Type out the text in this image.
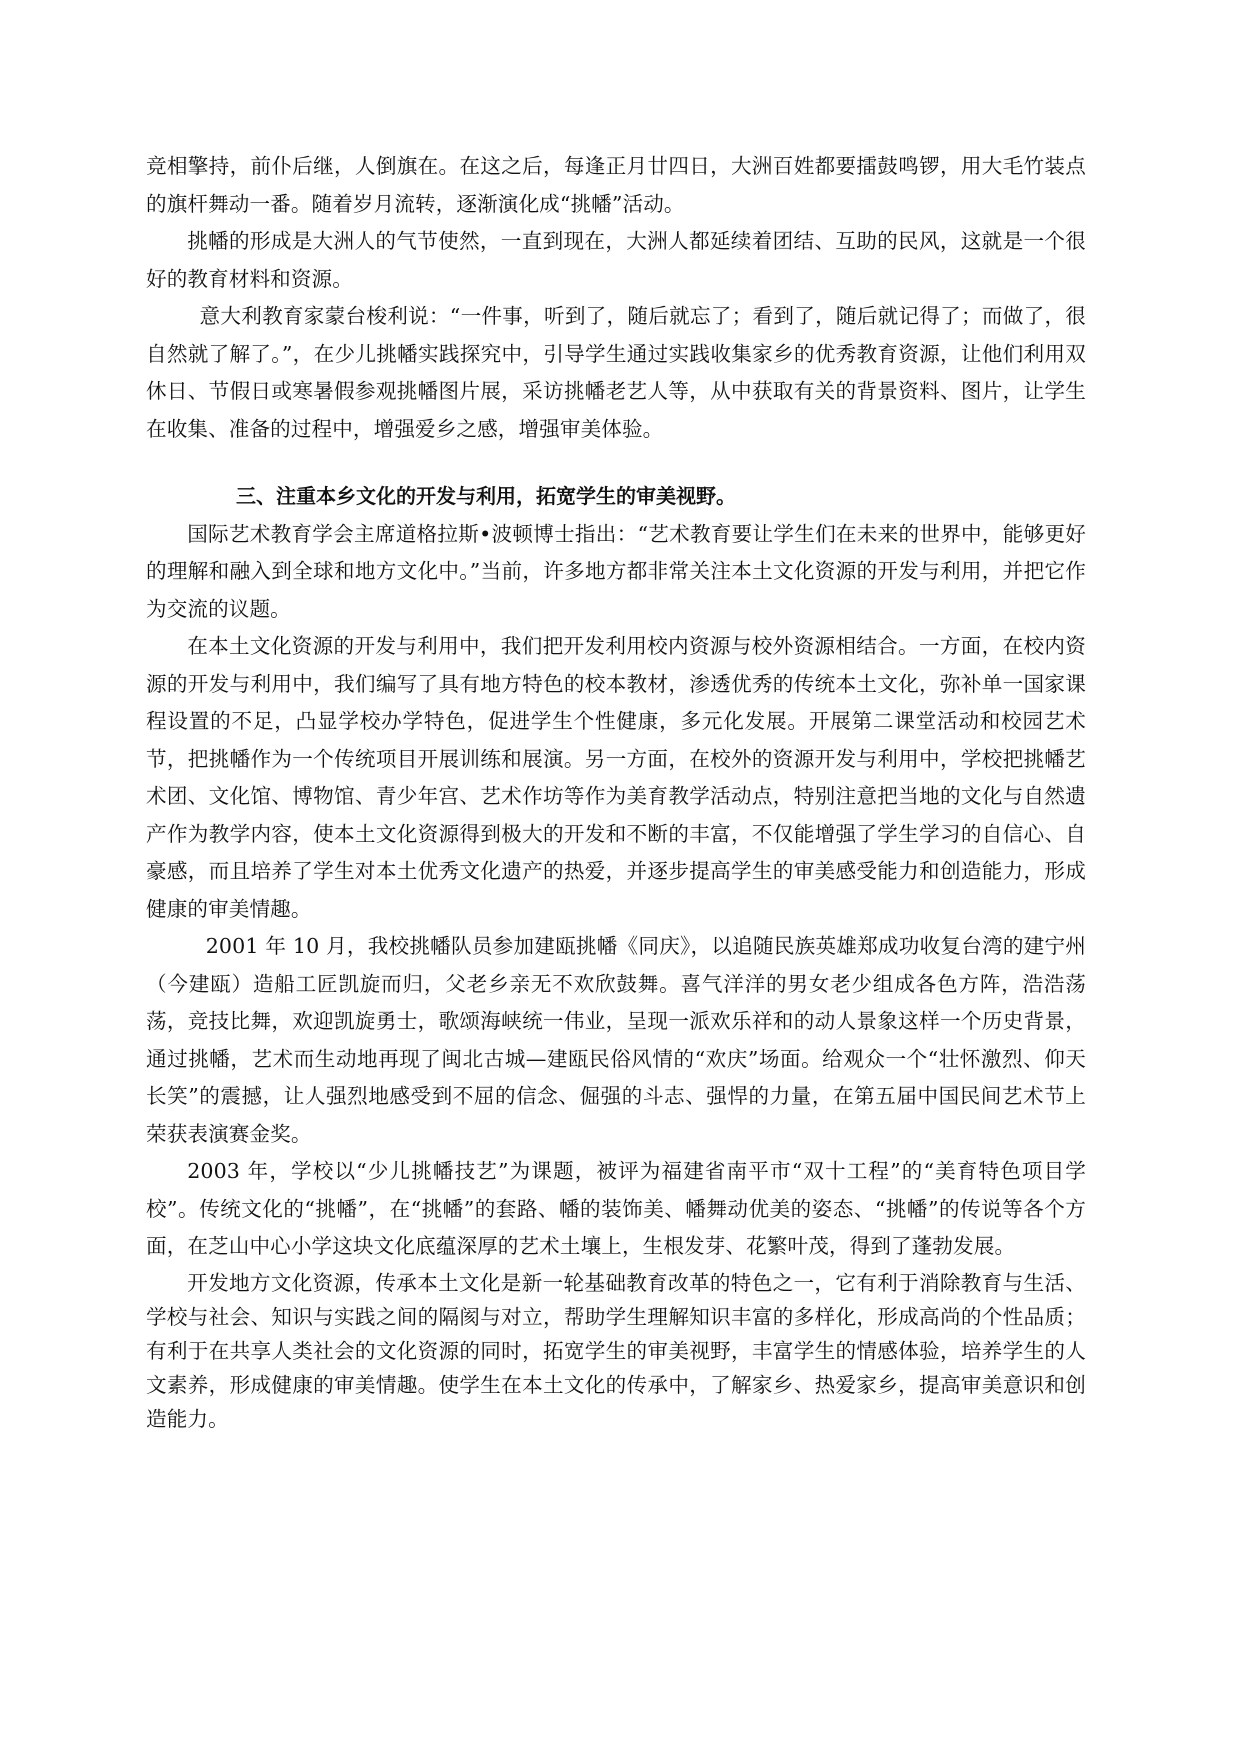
竞相擎持，前仆后继，人倒旗在。在这之后，每逢正月廿四日，大洲百姓都要擂鼓鸣锣，用大毛竹装点的旗杆舞动一番。随着岁月流转，逐渐演化成“挑幡”活动。

挑幡的形成是大洲人的气节使然，一直到现在，大洲人都延续着团结、互助的民风，这就是一个很好的教育材料和资源。

意大利教育家蒙台梭利说：“一件事，听到了，随后就忘了；看到了，随后就记得了；而做了，很自然就了解了。”，在少儿挑幡实践探究中，引导学生通过实践收集家乡的优秀教育资源，让他们利用双休日、节假日或寒暑假参观挑幡图片展，采访挑幡老艺人等，从中获取有关的背景资料、图片，让学生在收集、准备的过程中，增强爱乡之感，增强审美体验。

三、注重本乡文化的开发与利用，拓宽学生的审美视野。

国际艺术教育学会主席道格拉斯•波顿博士指出：“艺术教育要让学生们在未来的世界中，能够更好的理解和融入到全球和地方文化中。”当前，许多地方都非常关注本土文化资源的开发与利用，并把它作为交流的议题。

在本土文化资源的开发与利用中，我们把开发利用校内资源与校外资源相结合。一方面，在校内资源的开发与利用中，我们编写了具有地方特色的校本教材，渗透优秀的传统本土文化，弥补单一国家课程设置的不足，凸显学校办学特色，促进学生个性健康，多元化发展。开展第二课堂活动和校园艺术节，把挑幡作为一个传统项目开展训练和展演。另一方面，在校外的资源开发与利用中，学校把挑幡艺术团、文化馆、博物馆、青少年宫、艺术作坊等作为美育教学活动点，特别注意把当地的文化与自然遗产作为教学内容，使本土文化资源得到极大的开发和不断的丰富，不仅能增强了学生学习的自信心、自豪感，而且培养了学生对本土优秀文化遗产的热爱，并逐步提高学生的审美感受能力和创造能力，形成健康的审美情趣。

2001 年 10 月，我校挑幡队员参加建瓯挑幡《同庆》，以追随民族英雄郑成功收复台湾的建宁州（今建瓯）造船工匠凯旋而归，父老乡亲无不欢欣鼓舞。喜气洋洋的男女老少组成各色方阵，浩浩荡荡，竞技比舞，欢迎凯旋勇士，歌颂海峡统一伟业，呈现一派欢乐祥和的动人景象这样一个历史背景，通过挑幡，艺术而生动地再现了闽北古城—建瓯民俗风情的“欢庆”场面。给观众一个“壮怀激烈、仰天长笑”的震撼，让人强烈地感受到不屈的信念、倔强的斗志、强悍的力量，在第五届中国民间艺术节上荣获表演赛金奖。

2003 年，学校以“少儿挑幡技艺”为课题，被评为福建省南平市“双十工程”的“美育特色项目学校”。传统文化的“挑幡”，在“挑幡”的套路、幡的装饰美、幡舞动优美的姿态、“挑幡”的传说等各个方面，在芝山中心小学这块文化底蕴深厚的艺术土壤上，生根发芽、花繁叶茂，得到了蓬勃发展。

开发地方文化资源，传承本土文化是新一轮基础教育改革的特色之一，它有利于消除教育与生活、学校与社会、知识与实践之间的隔阂与对立，帮助学生理解知识丰富的多样化，形成高尚的个性品质；有利于在共享人类社会的文化资源的同时，拓宽学生的审美视野，丰富学生的情感体验，培养学生的人文素养，形成健康的审美情趣。使学生在本土文化的传承中，了解家乡、热爱家乡，提高审美意识和创造能力。
